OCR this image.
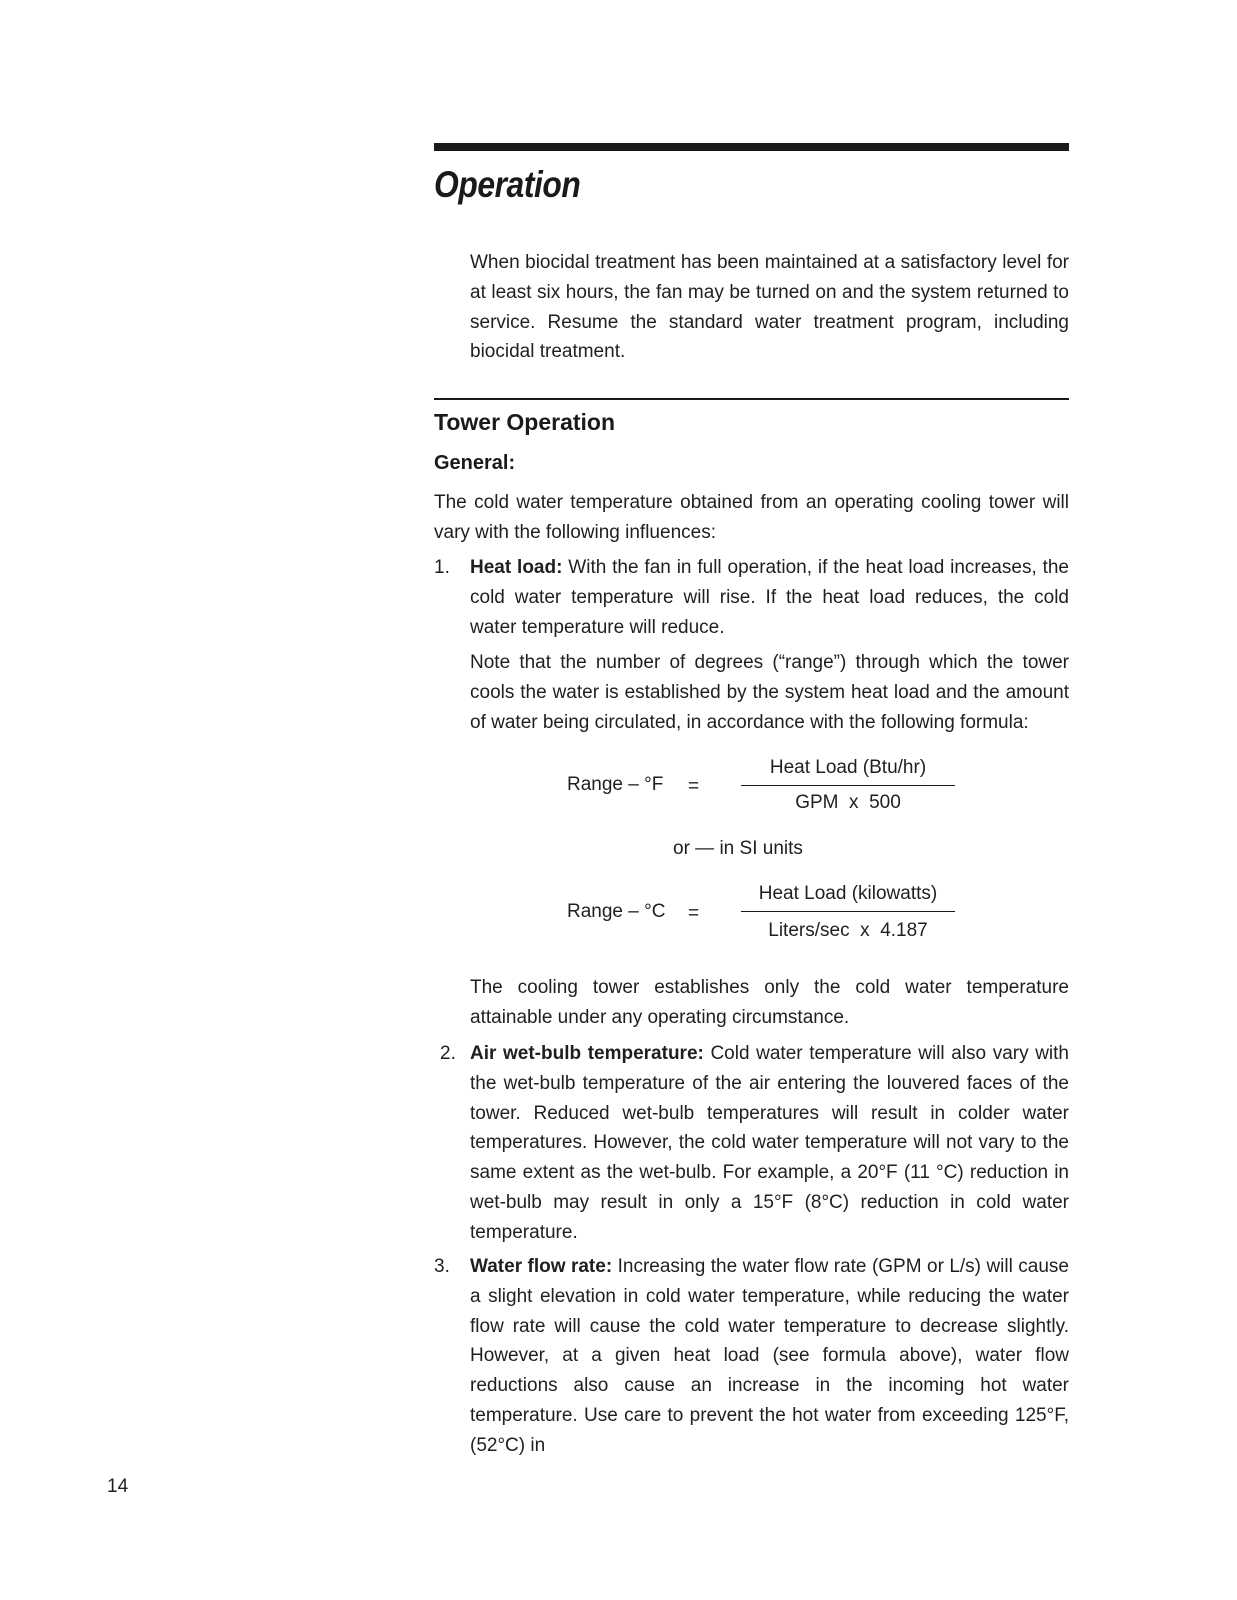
Operation

When biocidal treatment has been maintained at a satisfactory level for at least six hours, the fan may be turned on and the system returned to service. Resume the standard water treatment program, including biocidal treatment.

Tower Operation
General:

The cold water temperature obtained from an operating cooling tower will vary with the following influences:

1. Heat load: With the fan in full operation, if the heat load increases, the cold water temperature will rise. If the heat load reduces, the cold water temperature will reduce.

Note that the number of degrees (“range”) through which the tower cools the water is established by the system heat load and the amount of water being circulated, in accordance with the following formula:

Range – °F =
Heat Load (Btu/hr)
GPM  x  500
or — in SI units
Range – °C =
Heat Load (kilowatts)
Liters/sec  x  4.187

The cooling tower establishes only the cold water temperature attainable under any operating circumstance.

2. Air wet-bulb temperature: Cold water temperature will also vary with the wet-bulb temperature of the air entering the louvered faces of the tower. Reduced wet-bulb temperatures will result in colder water temperatures. However, the cold water temperature will not vary to the same extent as the wet-bulb. For example, a 20°F (11 °C) reduction in wet-bulb may result in only a 15°F (8°C) reduction in cold water temperature.

3. Water flow rate: Increasing the water flow rate (GPM or L/s) will cause a slight elevation in cold water temperature, while reducing the water flow rate will cause the cold water temperature to decrease slightly. However, at a given heat load (see formula above), water flow reductions also cause an increase in the incoming hot water temperature. Use care to prevent the hot water from exceeding 125°F, (52°C) in

14
